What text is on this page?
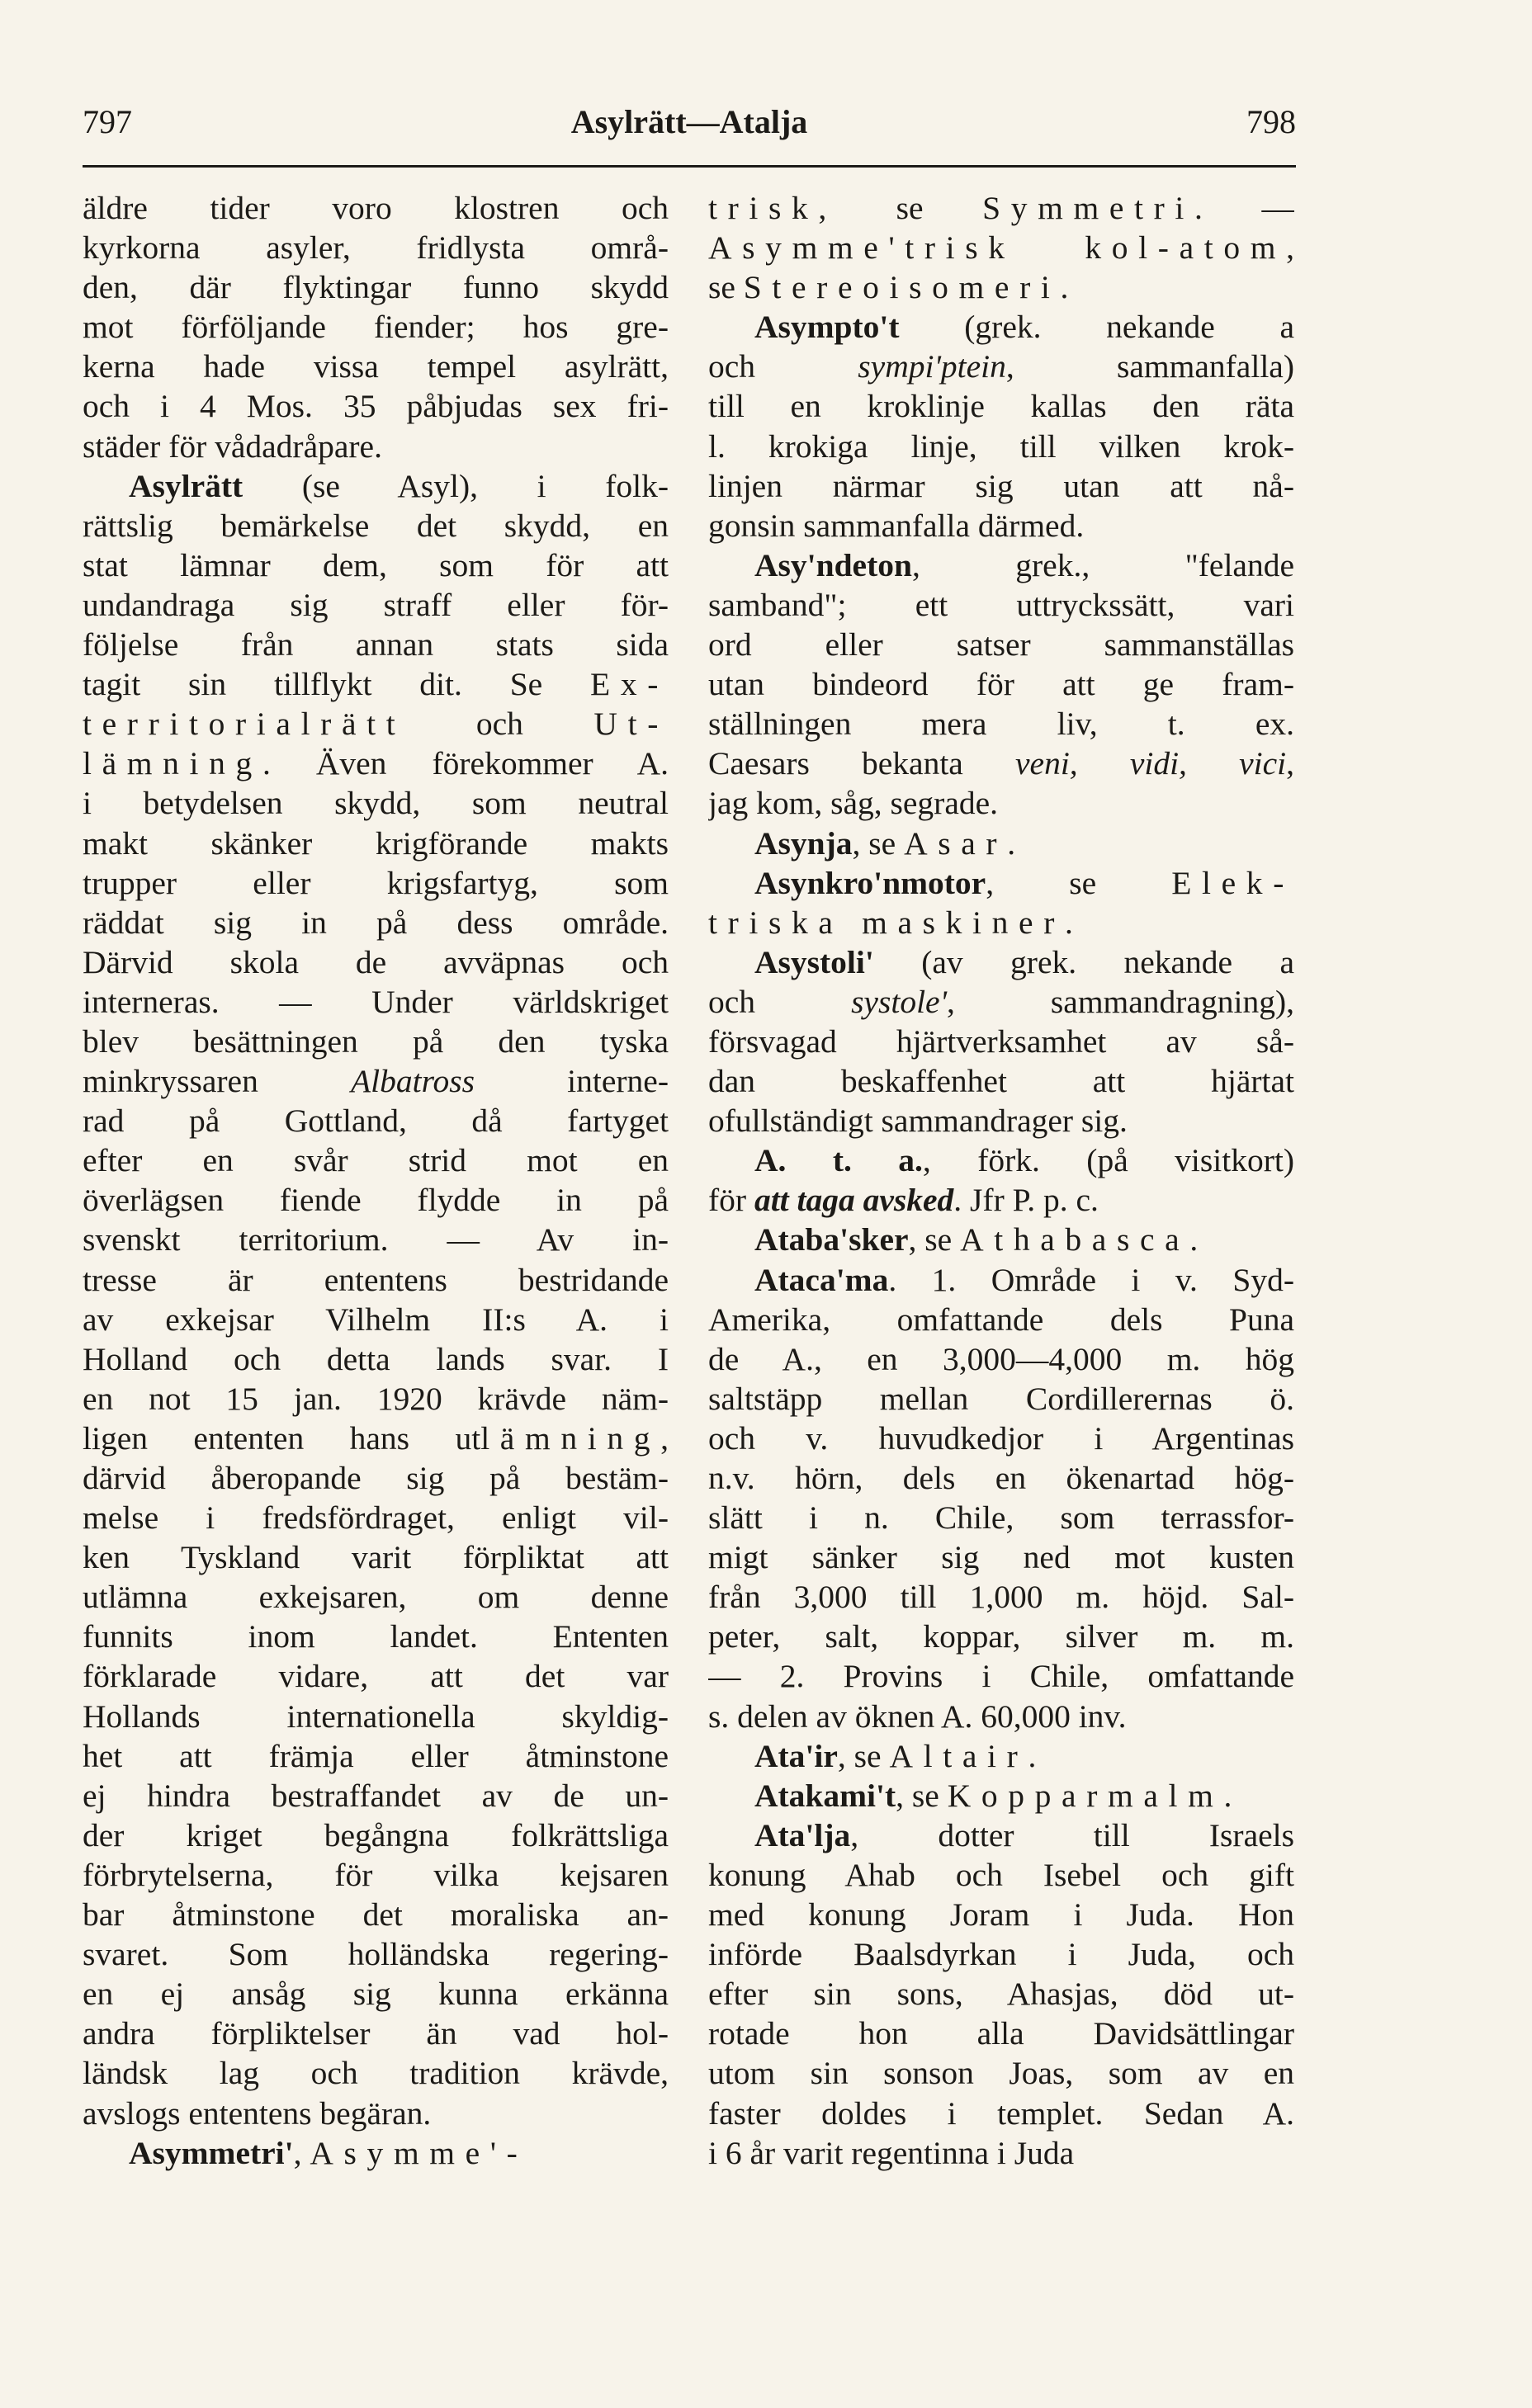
797	Asylrätt—Atalja	798
äldre tider voro klostren och
kyrkorna asyler, fridlysta områ-
den, där flyktingar funno skydd
mot förföljande fiender; hos gre-
kerna hade vissa tempel asylrätt,
och i 4 Mos. 35 påbjudas sex fri-
städer för vådadråpare.
Asylrätt (se Asyl), i folk-
rättslig bemärkelse det skydd, en
stat lämnar dem, som för att
undandraga sig straff eller för-
följelse från annan stats sida
tagit sin tillflykt dit. Se Ex-
territorialrätt och Ut-
lämning. Även förekommer A.
i betydelsen skydd, som neutral
makt skänker krigförande makts
trupper eller krigsfartyg, som
räddat sig in på dess område.
Därvid skola de avväpnas och
interneras. — Under världskriget
blev besättningen på den tyska
minkryssaren Albatross interne-
rad på Gottland, då fartyget
efter en svår strid mot en
överlägsen fiende flydde in på
svenskt territorium. — Av in-
tresse är ententens bestridande
av exkejsar Vilhelm II:s A. i
Holland och detta lands svar. I
en not 15 jan. 1920 krävde näm-
ligen ententen hans utlämning,
därvid åberopande sig på bestäm-
melse i fredsfördraget, enligt vil-
ken Tyskland varit förpliktat att
utlämna exkejsaren, om denne
funnits inom landet. Ententen
förklarade vidare, att det var
Hollands internationella skyldig-
het att främja eller åtminstone
ej hindra bestraffandet av de un-
der kriget begångna folkrättsliga
förbrytelserna, för vilka kejsaren
bar åtminstone det moraliska an-
svaret. Som holländska regering-
en ej ansåg sig kunna erkänna
andra förpliktelser än vad hol-
ländsk lag och tradition krävde,
avslogs ententens begäran.
Asymmetri', Asymme'-
trisk, se Symmetri. —
Asymme'trisk kol-atom,
se Stereoisomeri.
Asympto't (grek. nekande a
och sympi'ptein, sammanfalla)
till en kroklinje kallas den räta
l. krokiga linje, till vilken krok-
linjen närmar sig utan att nå-
gonsin sammanfalla därmed.
Asy'ndeton, grek., "felande
samband"; ett uttryckssätt, vari
ord eller satser sammanställas
utan bindeord för att ge fram-
ställningen mera liv, t. ex.
Caesars bekanta veni, vidi, vici,
jag kom, såg, segrade.
Asynja, se Asar.
Asynkro'nmotor, se Elek-
triska maskiner.
Asystoli' (av grek. nekande a
och systole', sammandragning),
försvagad hjärtverksamhet av så-
dan beskaffenhet att hjärtat
ofullständigt sammandrager sig.
A. t. a., förk. (på visitkort)
för att taga avsked. Jfr P. p. c.
Ataba'sker, se Athabasca.
Ataca'ma. 1. Område i v. Syd-
Amerika, omfattande dels Puna
de A., en 3,000—4,000 m. hög
saltstäpp mellan Cordillerernas ö.
och v. huvudkedjor i Argentinas
n.v. hörn, dels en ökenartad hög-
slätt i n. Chile, som terrassfor-
migt sänker sig ned mot kusten
från 3,000 till 1,000 m. höjd. Sal-
peter, salt, koppar, silver m. m.
— 2. Provins i Chile, omfattande
s. delen av öknen A. 60,000 inv.
Ata'ir, se Altair.
Atakami't, se Kopparmalm.
Ata'lja, dotter till Israels
konung Ahab och Isebel och gift
med konung Joram i Juda. Hon
införde Baalsdyrkan i Juda, och
efter sin sons, Ahasjas, död ut-
rotade hon alla Davidsättlingar
utom sin sonson Joas, som av en
faster doldes i templet. Sedan A.
i 6 år varit regentinna i Juda
